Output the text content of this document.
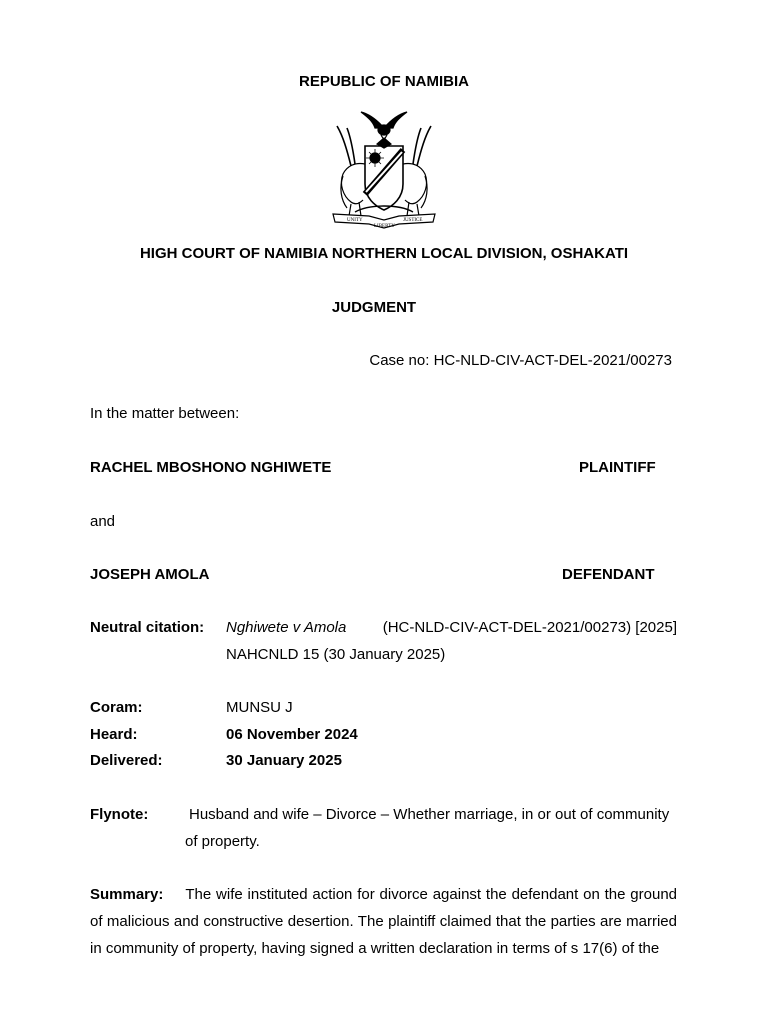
REPUBLIC OF NAMIBIA
UNITY	JUSTICE
LIBERTY
HIGH COURT OF NAMIBIA NORTHERN LOCAL DIVISION, OSHAKATI
JUDGMENT
Case no: HC-NLD-CIV-ACT-DEL-2021/00273
In the matter between:
RACHEL MBOSHONO NGHIWETE	PLAINTIFF
and
JOSEPH AMOLA	DEFENDANT
Neutral citation: Nghiwete v Amola (HC-NLD-CIV-ACT-DEL-2021/00273) [2025]
NAHCNLD 15 (30 January 2025)
Coram:	MUNSU J
Heard:	06 November 2024
Delivered:	30 January 2025
Flynote:	Husband and wife – Divorce – Whether marriage, in or out of community
of property.
Summary: The wife instituted action for divorce against the defendant on the ground of malicious and constructive desertion. The plaintiff claimed that the parties are married in community of property, having signed a written declaration in terms of s 17(6) of the
